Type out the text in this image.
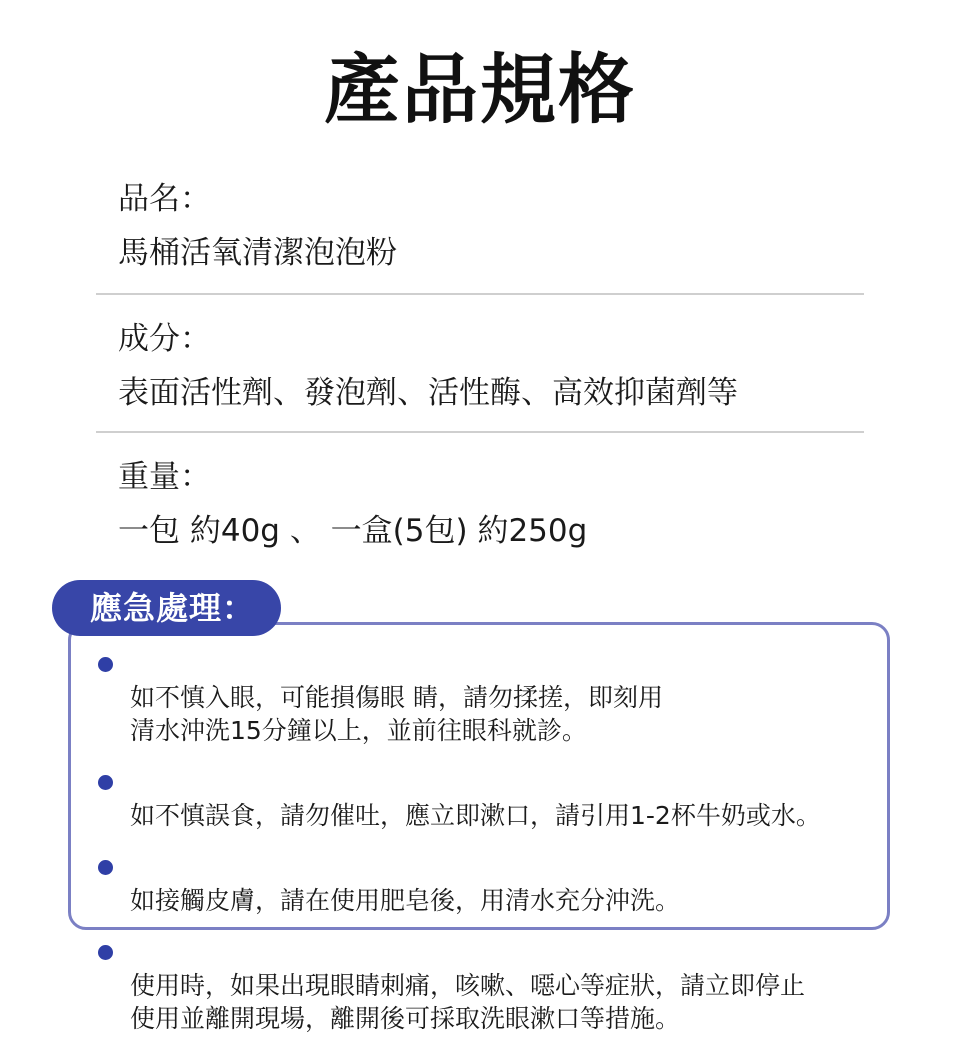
產品規格
品名：
馬桶活氧清潔泡泡粉
成分：
表面活性劑、發泡劑、活性酶、高效抑菌劑等
重量：
一包 約40g 、 一盒(5包) 約250g
應急處理：

如不慎入眼，可能損傷眼 睛，請勿揉搓，即刻用
清水沖洗15分鐘以上，並前往眼科就診。

如不慎誤食，請勿催吐，應立即漱口，請引用1-2杯牛奶或水。

如接觸皮膚，請在使用肥皂後，用清水充分沖洗。

使用時，如果出現眼睛刺痛，咳嗽、噁心等症狀，請立即停止
使用並離開現場，離開後可採取洗眼漱口等措施。
